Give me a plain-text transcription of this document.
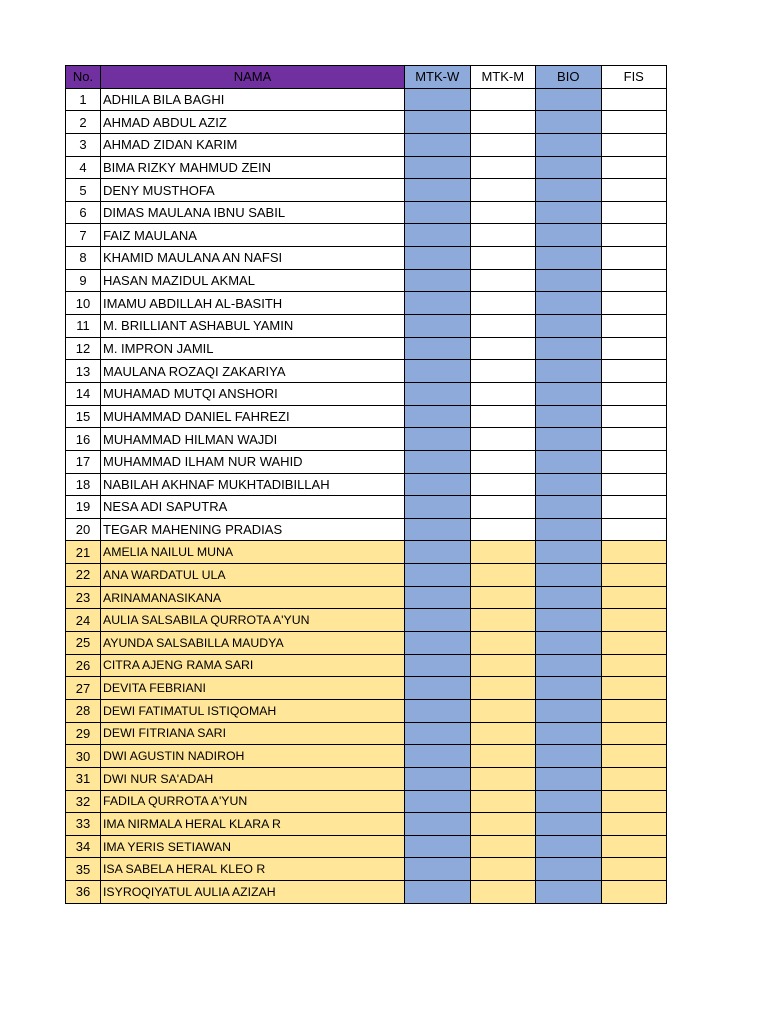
No.	NAMA	MTK-W	MTK-M	BIO	FIS
1	ADHILA BILA BAGHI				
2	AHMAD ABDUL AZIZ				
3	AHMAD ZIDAN KARIM				
4	BIMA RIZKY MAHMUD ZEIN				
5	DENY MUSTHOFA				
6	DIMAS MAULANA IBNU SABIL				
7	FAIZ MAULANA				
8	KHAMID MAULANA AN NAFSI				
9	HASAN MAZIDUL AKMAL				
10	IMAMU ABDILLAH AL-BASITH				
11	M. BRILLIANT ASHABUL YAMIN				
12	M. IMPRON JAMIL				
13	MAULANA ROZAQI ZAKARIYA				
14	MUHAMAD MUTQI ANSHORI				
15	MUHAMMAD DANIEL FAHREZI				
16	MUHAMMAD HILMAN WAJDI				
17	MUHAMMAD ILHAM NUR WAHID				
18	NABILAH AKHNAF MUKHTADIBILLAH				
19	NESA ADI SAPUTRA				
20	TEGAR MAHENING PRADIAS				
21	AMELIA NAILUL MUNA				
22	ANA WARDATUL ULA				
23	ARINAMANASIKANA				
24	AULIA SALSABILA QURROTA A'YUN				
25	AYUNDA SALSABILLA MAUDYA				
26	CITRA AJENG RAMA SARI				
27	DEVITA FEBRIANI				
28	DEWI FATIMATUL ISTIQOMAH				
29	DEWI FITRIANA SARI				
30	DWI AGUSTIN NADIROH				
31	DWI NUR SA'ADAH				
32	FADILA QURROTA A'YUN				
33	IMA NIRMALA HERAL KLARA R				
34	IMA YERIS SETIAWAN				
35	ISA SABELA HERAL KLEO R				
36	ISYROQIYATUL AULIA AZIZAH				
